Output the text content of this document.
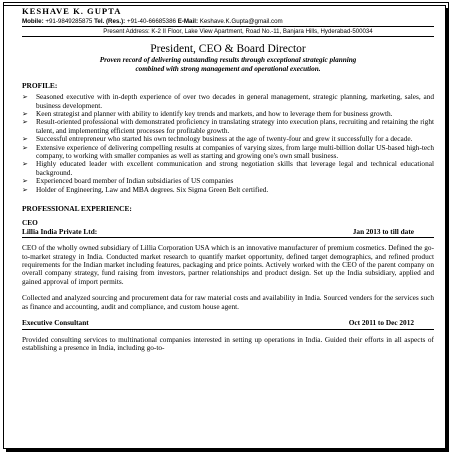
KESHAVE K. GUPTA
Mobile: +91-9849285875 Tel. (Res.): +91-40-66685386 E-Mail: Keshave.K.Gupta@gmail.com
Present Address: K-2 II Floor, Lake View Apartment, Road No.-11, Banjara Hills, Hyderabad-500034
President, CEO & Board Director
Proven record of delivering outstanding results through exceptional strategic planning
combined with strong management and operational execution.
PROFILE:
➢ Seasoned executive with in-depth experience of over two decades in general management, strategic planning, marketing, sales, and business development.
➢ Keen strategist and planner with ability to identify key trends and markets, and how to leverage them for business growth.
➢ Result-oriented professional with demonstrated proficiency in translating strategy into execution plans, recruiting and retaining the right talent, and implementing efficient processes for profitable growth.
➢ Successful entrepreneur who started his own technology business at the age of twenty-four and grew it successfully for a decade.
➢ Extensive experience of delivering compelling results at companies of varying sizes, from large multi-billion dollar US-based high-tech company, to working with smaller companies as well as starting and growing one's own small business.
➢ Highly educated leader with excellent communication and strong negotiation skills that leverage legal and technical educational background.
➢ Experienced board member of Indian subsidiaries of US companies
➢ Holder of Engineering, Law and MBA degrees. Six Sigma Green Belt certified.
PROFESSIONAL EXPERIENCE:
CEO
Lillia India Private Ltd:	Jan 2013 to till date
CEO of the wholly owned subsidiary of Lillia Corporation USA which is an innovative manufacturer of premium cosmetics. Defined the go-to-market strategy in India. Conducted market research to quantify market opportunity, defined target demographics, and refined product requirements for the Indian market including features, packaging and price points. Actively worked with the CEO of the parent company on overall company strategy, fund raising from investors, partner relationships and product design. Set up the India subsidiary, applied and gained approval of import permits.
Collected and analyzed sourcing and procurement data for raw material costs and availability in India. Sourced venders for the services such as finance and accounting, audit and compliance, and custom house agent.
Executive Consultant	Oct 2011 to Dec 2012
Provided consulting services to multinational companies interested in setting up operations in India. Guided their efforts in all aspects of establishing a presence in India, including go-to-
